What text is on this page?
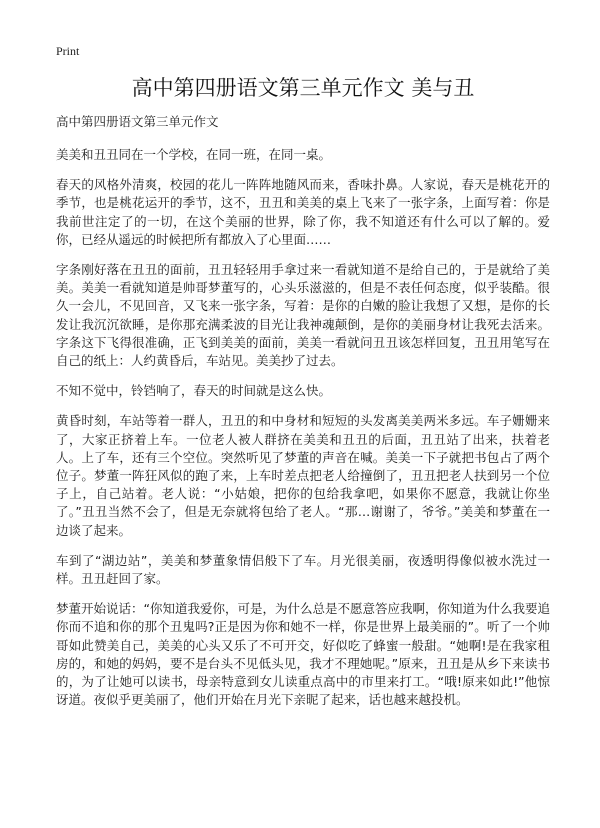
Print
高中第四册语文第三单元作文 美与丑
高中第四册语文第三单元作文

美美和丑丑同在一个学校，在同一班，在同一桌。

春天的风格外清爽，校园的花儿一阵阵地随风而来，香味扑鼻。人家说，春天是桃花开的季节，也是桃花运开的季节，这不，丑丑和美美的桌上飞来了一张字条，上面写着：你是我前世注定了的一切，在这个美丽的世界，除了你，我不知道还有什么可以了解的。爱你，已经从遥远的时候把所有都放入了心里面……

字条刚好落在丑丑的面前，丑丑轻轻用手拿过来一看就知道不是给自己的，于是就给了美美。美美一看就知道是帅哥梦董写的，心头乐滋滋的，但是不表任何态度，似乎装酷。很久一会儿，不见回音，又飞来一张字条，写着：是你的白嫩的脸让我想了又想，是你的长发让我沉沉欲睡，是你那充满柔波的目光让我神魂颠倒，是你的美丽身材让我死去活来。字条这下飞得很准确，正飞到美美的面前，美美一看就问丑丑该怎样回复，丑丑用笔写在自己的纸上：人约黄昏后，车站见。美美抄了过去。

不知不觉中，铃铛响了，春天的时间就是这么快。

黄昏时刻，车站等着一群人，丑丑的和中身材和短短的头发离美美两米多远。车子姗姗来了，大家正挤着上车。一位老人被人群挤在美美和丑丑的后面，丑丑站了出来，扶着老人。上了车，还有三个空位。突然听见了梦董的声音在喊。美美一下子就把书包占了两个位子。梦董一阵狂风似的跑了来，上车时差点把老人给撞倒了，丑丑把老人扶到另一个位子上，自己站着。老人说：“小姑娘，把你的包给我拿吧，如果你不愿意，我就让你坐了。”丑丑当然不会了，但是无奈就将包给了老人。“那…谢谢了，爷爷。”美美和梦董在一边谈了起来。

车到了“湖边站”，美美和梦董象情侣般下了车。月光很美丽，夜透明得像似被水洗过一样。丑丑赶回了家。

梦董开始说话：“你知道我爱你，可是，为什么总是不愿意答应我啊，你知道为什么我要追你而不追和你的那个丑鬼吗?正是因为你和她不一样，你是世界上最美丽的”。听了一个帅哥如此赞美自己，美美的心头又乐了不可开交，好似吃了蜂蜜一般甜。“她啊!是在我家租房的，和她的妈妈，要不是台头不见低头见，我才不理她呢。”原来，丑丑是从乡下来读书的，为了让她可以读书，母亲特意到女儿读重点高中的市里来打工。“哦!原来如此!”他惊讶道。夜似乎更美丽了，他们开始在月光下亲昵了起来，话也越来越投机。
